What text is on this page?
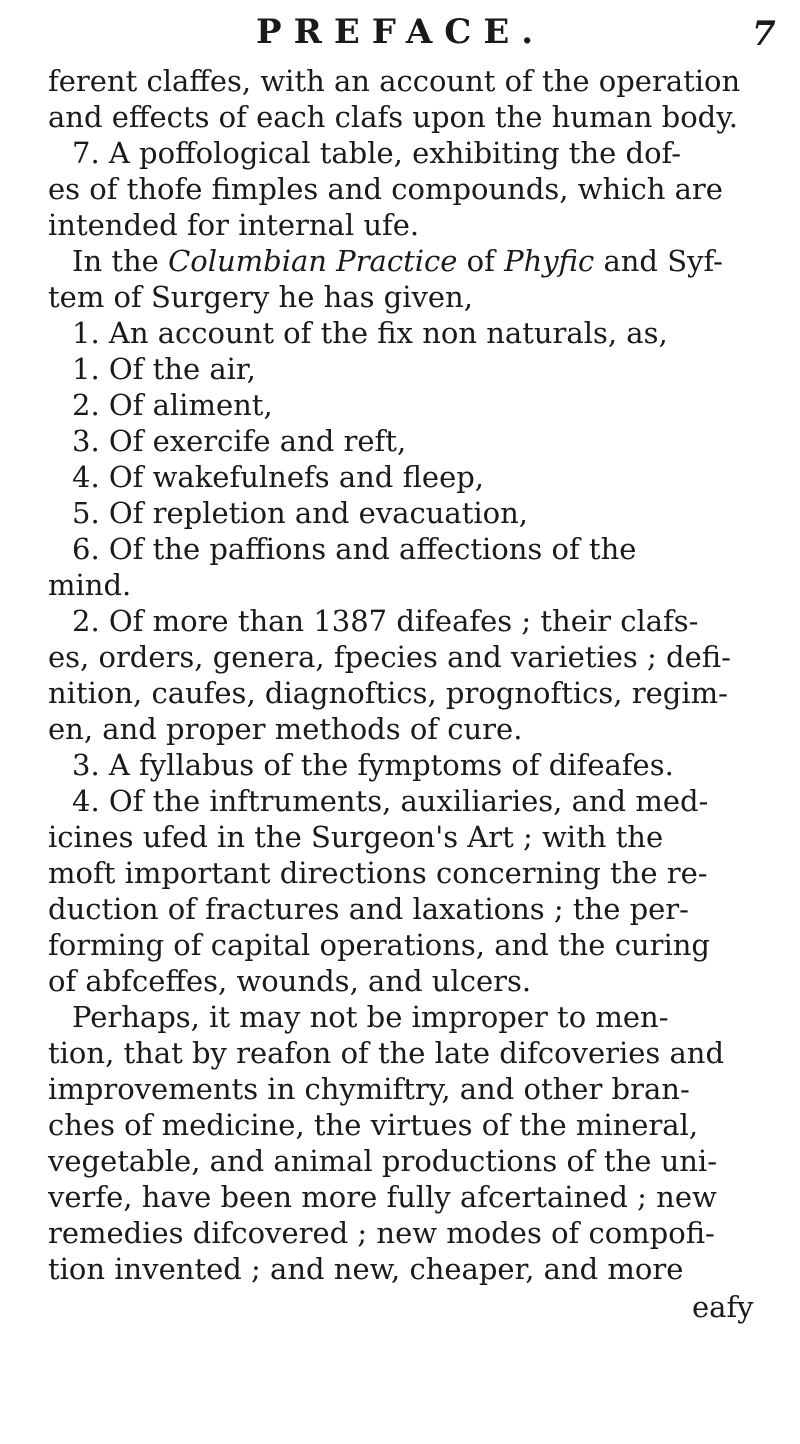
PREFACE.	7
ferent claffes, with an account of the operation
and effects of each clafs upon the human body.
7. A poffological table, exhibiting the dof-
es of thofe fimples and compounds, which are
intended for internal ufe.
In the Columbian Practice of Phyfic and Syf-
tem of Surgery he has given,
1. An account of the fix non naturals, as,
1. Of the air,
2. Of aliment,
3. Of exercife and reft,
4. Of wakefulnefs and fleep,
5. Of repletion and evacuation,
6. Of the paffions and affections of the
mind.
2. Of more than 1387 difeafes ; their clafs-
es, orders, genera, fpecies and varieties ; defi-
nition, caufes, diagnoftics, prognoftics, regim-
en, and proper methods of cure.
3. A fyllabus of the fymptoms of difeafes.
4. Of the inftruments, auxiliaries, and med-
icines ufed in the Surgeon's Art ; with the
moft important directions concerning the re-
duction of fractures and laxations ; the per-
forming of capital operations, and the curing
of abfceffes, wounds, and ulcers.
Perhaps, it may not be improper to men-
tion, that by reafon of the late difcoveries and
improvements in chymiftry, and other bran-
ches of medicine, the virtues of the mineral,
vegetable, and animal productions of the uni-
verfe, have been more fully afcertained ; new
remedies difcovered ; new modes of compofi-
tion invented ; and new, cheaper, and more
eafy
